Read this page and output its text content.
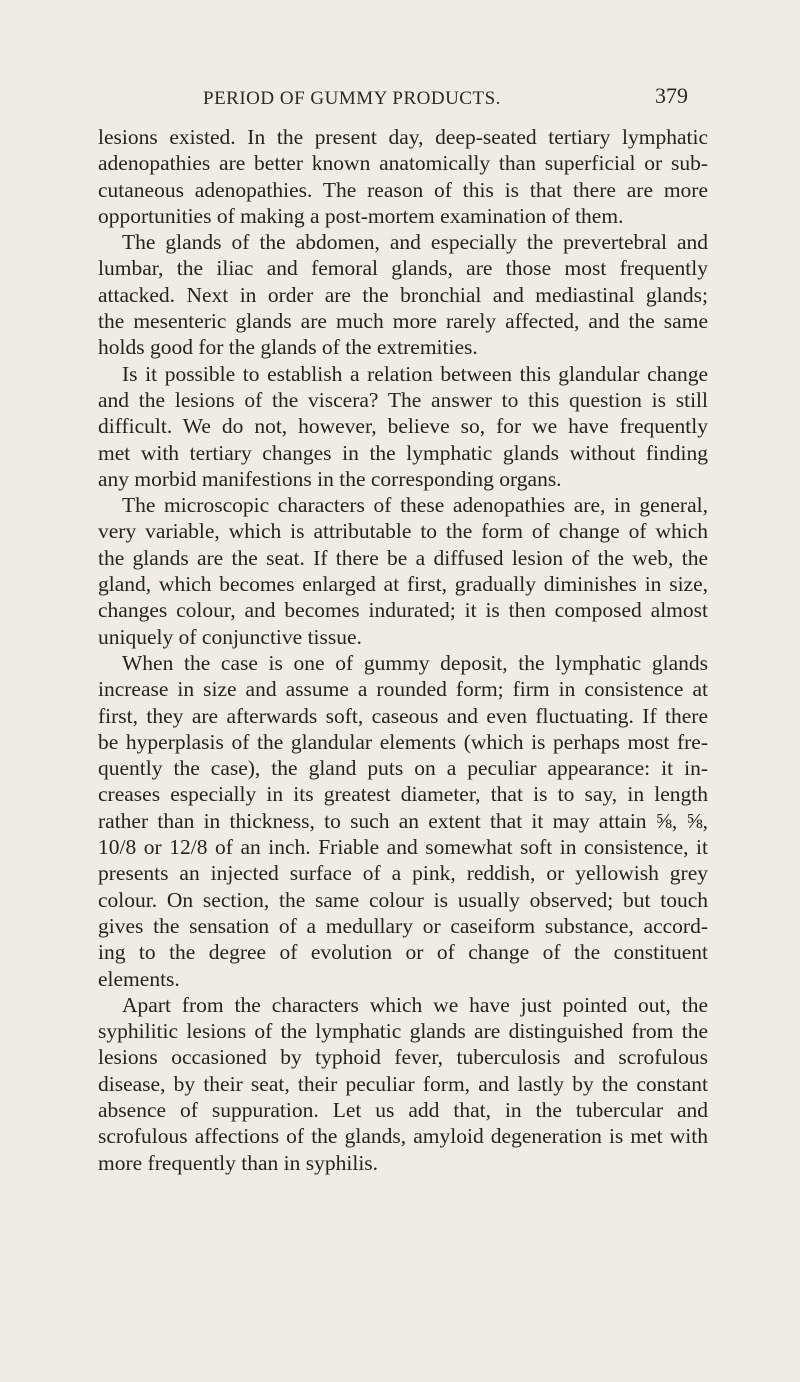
PERIOD OF GUMMY PRODUCTS.	379
lesions existed. In the present day, deep-seated tertiary lymphatic
adenopathies are better known anatomically than superficial or sub-
cutaneous adenopathies. The reason of this is that there are more
opportunities of making a post-mortem examination of them.
The glands of the abdomen, and especially the prevertebral and
lumbar, the iliac and femoral glands, are those most frequently
attacked. Next in order are the bronchial and mediastinal glands;
the mesenteric glands are much more rarely affected, and the same
holds good for the glands of the extremities.
Is it possible to establish a relation between this glandular change
and the lesions of the viscera? The answer to this question is still
difficult. We do not, however, believe so, for we have frequently
met with tertiary changes in the lymphatic glands without finding
any morbid manifestions in the corresponding organs.
The microscopic characters of these adenopathies are, in general,
very variable, which is attributable to the form of change of which
the glands are the seat. If there be a diffused lesion of the web, the
gland, which becomes enlarged at first, gradually diminishes in size,
changes colour, and becomes indurated; it is then composed almost
uniquely of conjunctive tissue.
When the case is one of gummy deposit, the lymphatic glands
increase in size and assume a rounded form; firm in consistence at
first, they are afterwards soft, caseous and even fluctuating. If there
be hyperplasis of the glandular elements (which is perhaps most fre-
quently the case), the gland puts on a peculiar appearance: it in-
creases especially in its greatest diameter, that is to say, in length
rather than in thickness, to such an extent that it may attain ⅝, ⅝,
10/8 or 12/8 of an inch. Friable and somewhat soft in consistence, it
presents an injected surface of a pink, reddish, or yellowish grey
colour. On section, the same colour is usually observed; but touch
gives the sensation of a medullary or caseiform substance, accord-
ing to the degree of evolution or of change of the constituent
elements.
Apart from the characters which we have just pointed out, the
syphilitic lesions of the lymphatic glands are distinguished from the
lesions occasioned by typhoid fever, tuberculosis and scrofulous
disease, by their seat, their peculiar form, and lastly by the constant
absence of suppuration. Let us add that, in the tubercular and
scrofulous affections of the glands, amyloid degeneration is met with
more frequently than in syphilis.
